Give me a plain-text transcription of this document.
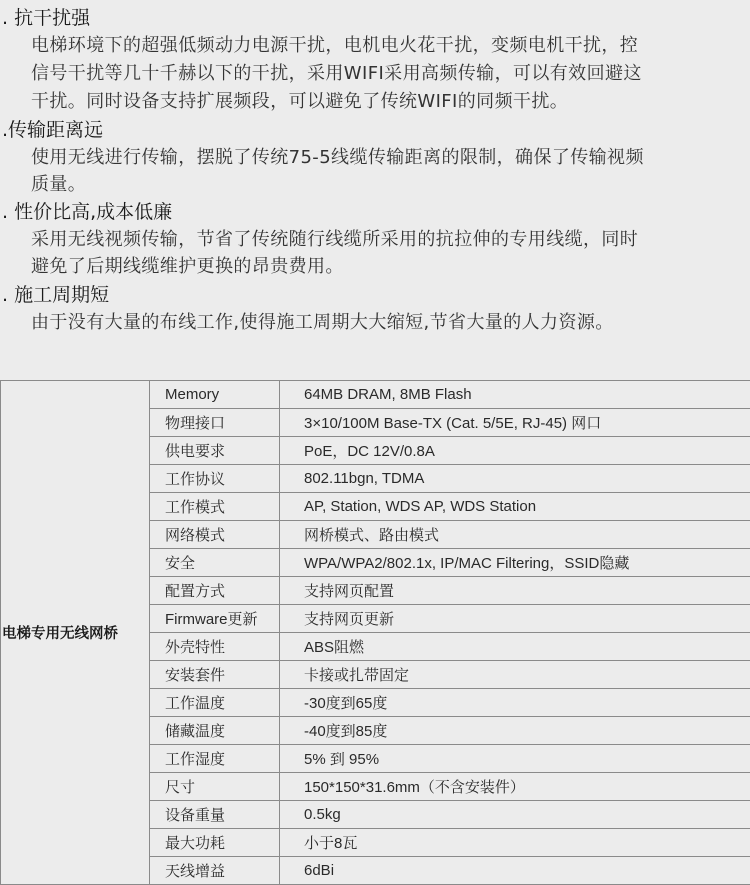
. 抗干扰强
电梯环境下的超强低频动力电源干扰，电机电火花干扰，变频电机干扰，控
信号干扰等几十千赫以下的干扰，采用WIFI采用高频传输，可以有效回避这
干扰。同时设备支持扩展频段，可以避免了传统WIFI的同频干扰。
.传输距离远
使用无线进行传输，摆脱了传统75-5线缆传输距离的限制，确保了传输视频
质量。
. 性价比高,成本低廉
采用无线视频传输，节省了传统随行线缆所采用的抗拉伸的专用线缆，同时
避免了后期线缆维护更换的昂贵费用。
. 施工周期短
由于没有大量的布线工作,使得施工周期大大缩短,节省大量的人力资源。
电梯专用无线网桥	Memory	64MB DRAM, 8MB Flash
	物理接口	3×10/100M Base-TX (Cat. 5/5E, RJ-45) 网口
	供电要求	PoE，DC 12V/0.8A
	工作协议	802.11bgn, TDMA
	工作模式	AP, Station, WDS AP, WDS Station
	网络模式	网桥模式、路由模式
	安全	WPA/WPA2/802.1x, IP/MAC Filtering，SSID隐藏
	配置方式	支持网页配置
	Firmware更新	支持网页更新
	外壳特性	ABS阻燃
	安装套件	卡接或扎带固定
	工作温度	-30度到65度
	储藏温度	-40度到85度
	工作湿度	5% 到 95%
	尺寸	150*150*31.6mm（不含安装件）
	设备重量	0.5kg
	最大功耗	小于8瓦
	天线增益	6dBi
